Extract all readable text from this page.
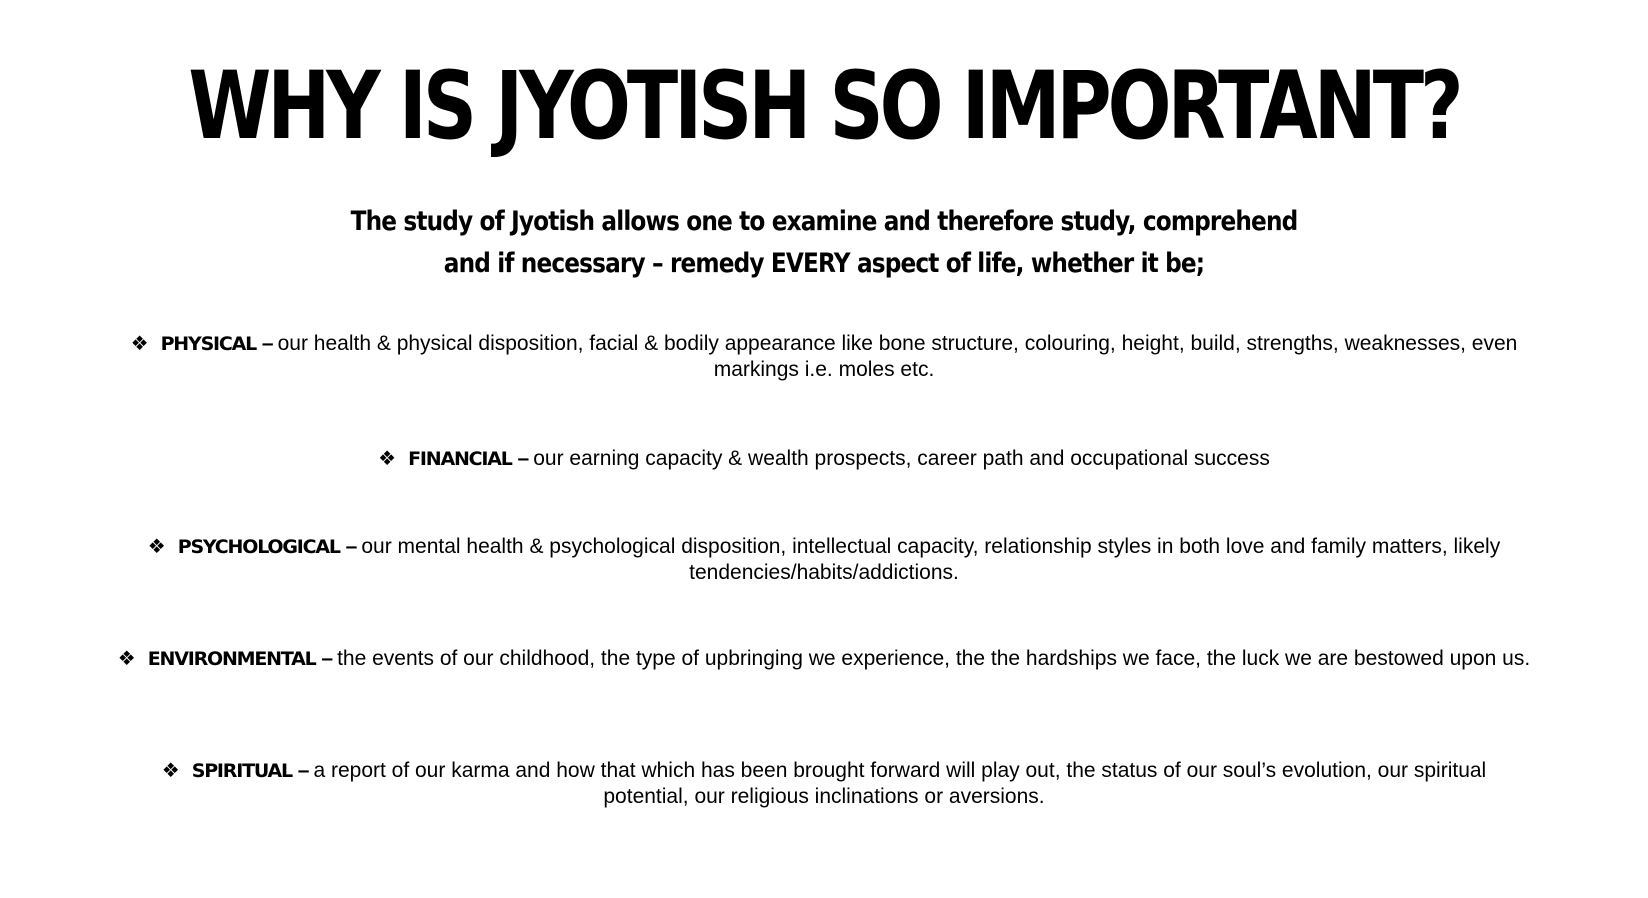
WHY IS JYOTISH SO IMPORTANT?
The study of Jyotish allows one to examine and therefore study, comprehend
and if necessary – remedy EVERY aspect of life, whether it be;
❖ PHYSICAL – our health & physical disposition, facial & bodily appearance like bone structure, colouring, height, build, strengths, weaknesses, even markings i.e. moles etc.
❖ FINANCIAL – our earning capacity & wealth prospects, career path and occupational success
❖ PSYCHOLOGICAL – our mental health & psychological disposition, intellectual capacity, relationship styles in both love and family matters, likely tendencies/habits/addictions.
❖ ENVIRONMENTAL – the events of our childhood, the type of upbringing we experience, the the hardships we face, the luck we are bestowed upon us.
❖ SPIRITUAL – a report of our karma and how that which has been brought forward will play out, the status of our soul’s evolution, our spiritual potential, our religious inclinations or aversions.
